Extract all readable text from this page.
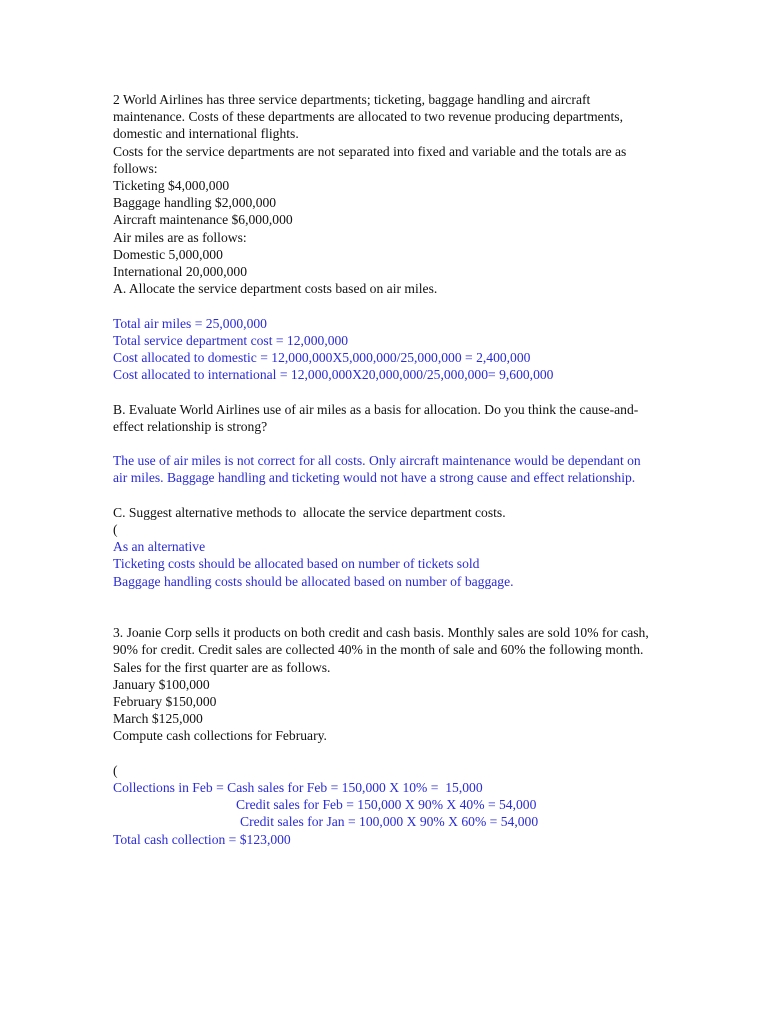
2 World Airlines has three service departments; ticketing, baggage handling and aircraft maintenance. Costs of these departments are allocated to two revenue producing departments, domestic and international flights.
Costs for the service departments are not separated into fixed and variable and the totals are as follows:
Ticketing $4,000,000
Baggage handling $2,000,000
Aircraft maintenance $6,000,000
Air miles are as follows:
Domestic 5,000,000
International 20,000,000
A. Allocate the service department costs based on air miles.
Total air miles = 25,000,000
Total service department cost = 12,000,000
Cost allocated to domestic = 12,000,000X5,000,000/25,000,000 = 2,400,000
Cost allocated to international = 12,000,000X20,000,000/25,000,000= 9,600,000
B. Evaluate World Airlines use of air miles as a basis for allocation. Do you think the cause-and-effect relationship is strong?
The use of air miles is not correct for all costs. Only aircraft maintenance would be dependant on air miles. Baggage handling and ticketing would not have a strong cause and effect relationship.
C. Suggest alternative methods to  allocate the service department costs.
(
As an alternative
Ticketing costs should be allocated based on number of tickets sold
Baggage handling costs should be allocated based on number of baggage.
3. Joanie Corp sells it products on both credit and cash basis. Monthly sales are sold 10% for cash, 90% for credit. Credit sales are collected 40% in the month of sale and 60% the following month. Sales for the first quarter are as follows.
January $100,000
February $150,000
March $125,000
Compute cash collections for February.
(
Collections in Feb = Cash sales for Feb = 150,000 X 10% =  15,000
Credit sales for Feb = 150,000 X 90% X 40% = 54,000
Credit sales for Jan = 100,000 X 90% X 60% = 54,000
Total cash collection = $123,000
